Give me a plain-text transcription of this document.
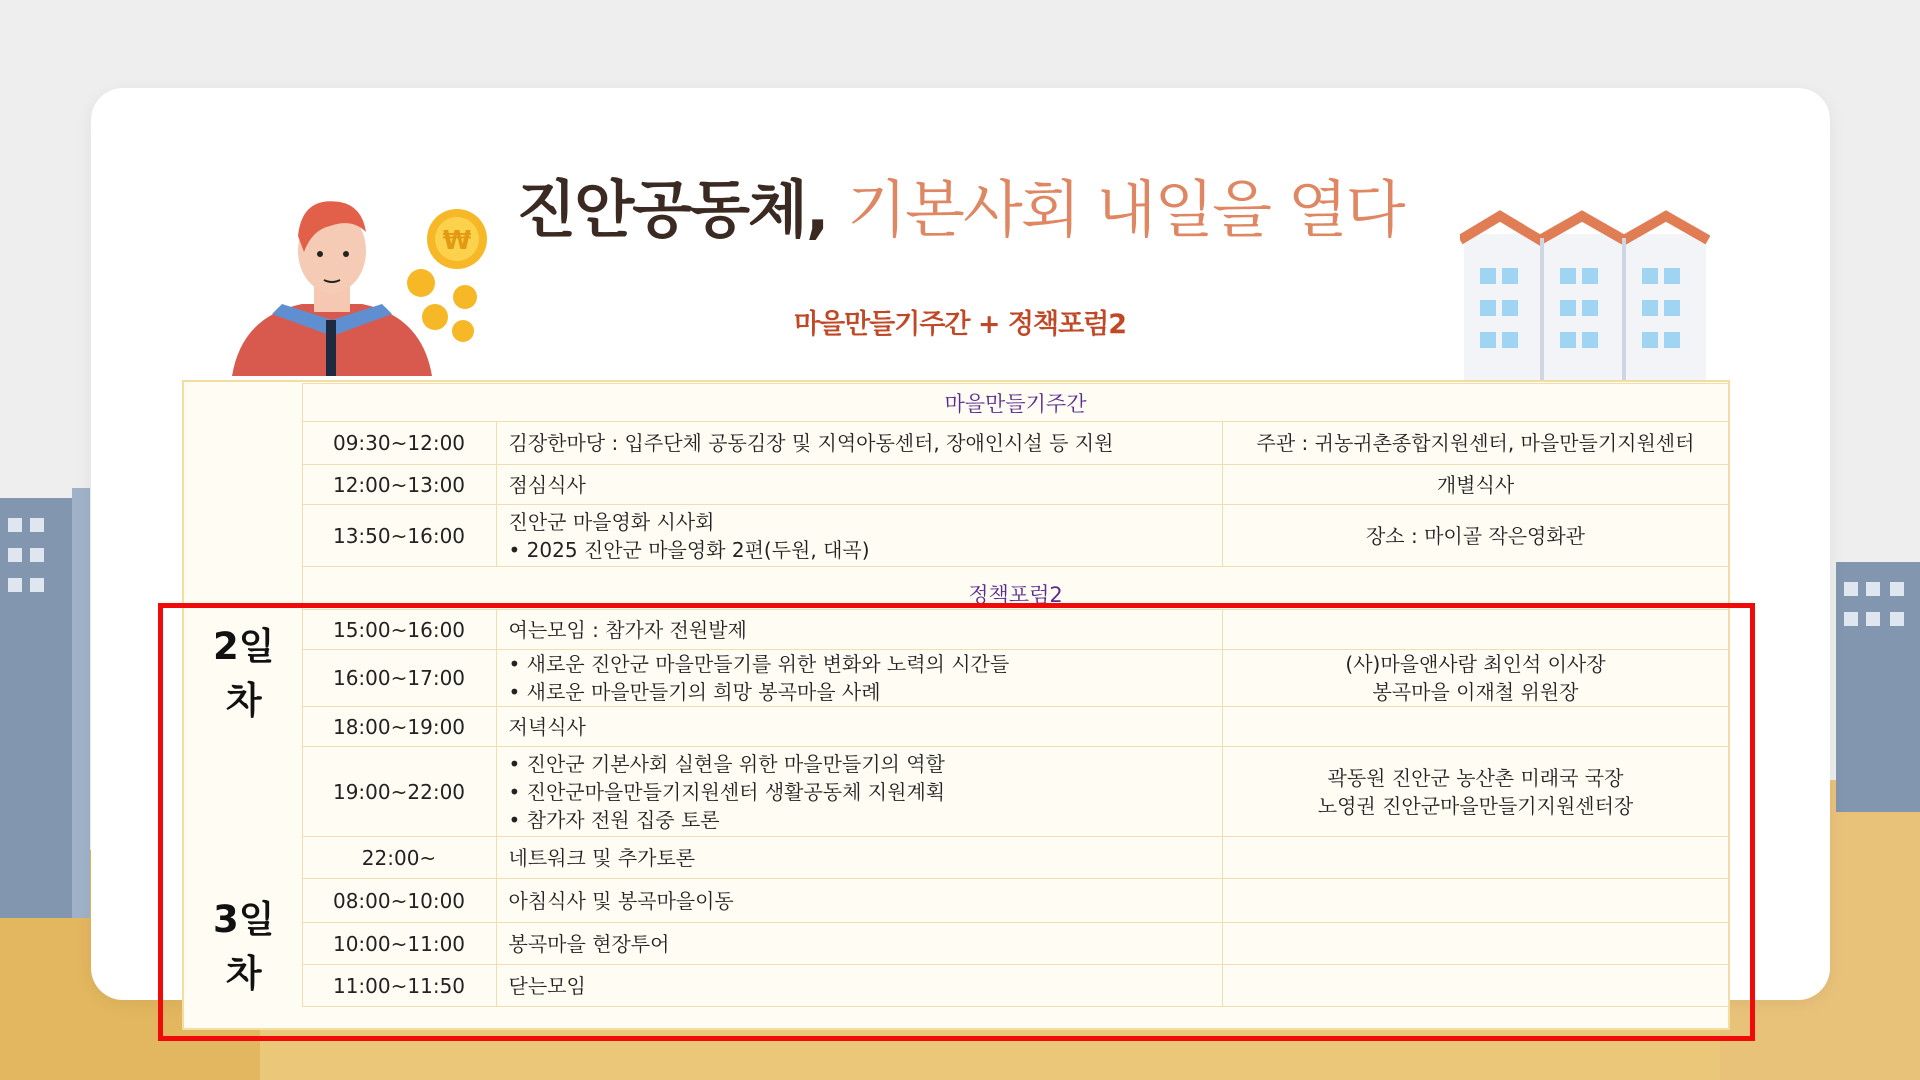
₩ 진안공동체, 기본사회 내일을 열다
마을만들기주간 + 정책포럼2
	마을만들기주간		
	09:30~12:00	김장한마당 : 입주단체 공동김장 및 지역아동센터, 장애인시설 등 지원	주관 : 귀농귀촌종합지원센터, 마을만들기지원센터

	12:00~13:00	점심식사	개별식사

	13:50~16:00	진안군 마을영화 시사회
• 2025 진안군 마을영화 2편(두원, 대곡)	장소 : 마이골 작은영화관

	정책포럼2		
2일차	15:00~16:00	여는모임 : 참가자 전원발제	

	16:00~17:00	• 새로운 진안군 마을만들기를 위한 변화와 노력의 시간들
• 새로운 마을만들기의 희망 봉곡마을 사례	(사)마을앤사람 최인석 이사장
봉곡마을 이재철 위원장

	18:00~19:00	저녁식사	

	19:00~22:00	• 진안군 기본사회 실현을 위한 마을만들기의 역할
• 진안군마을만들기지원센터 생활공동체 지원계획
• 참가자 전원 집중 토론	곽동원 진안군 농산촌 미래국 국장
노영권 진안군마을만들기지원센터장

	22:00~	네트워크 및 추가토론	

3일차	08:00~10:00	아침식사 및 봉곡마을이동	

	10:00~11:00	봉곡마을 현장투어	

	11:00~11:50	닫는모임	
